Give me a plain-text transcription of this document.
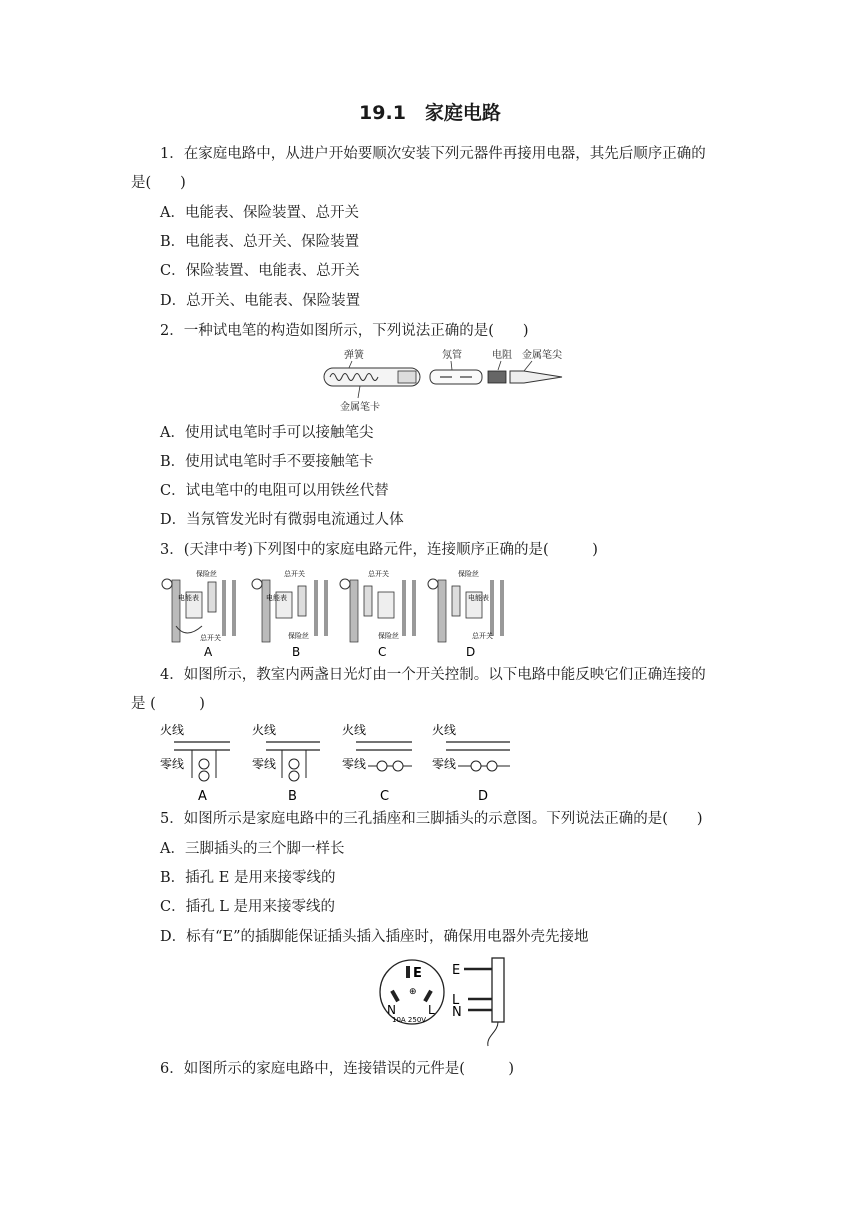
19.1　家庭电路
1．在家庭电路中，从进户开始要顺次安装下列元器件再接用电器，其先后顺序正确的
是(　　)
A．电能表、保险装置、总开关
B．电能表、总开关、保险装置
C．保险装置、电能表、总开关
D．总开关、电能表、保险装置
2．一种试电笔的构造如图所示，下列说法正确的是(　　)
弹簧	氖管	电阻 金属笔尖
金属笔卡
A．使用试电笔时手可以接触笔尖
B．使用试电笔时手不要接触笔卡
C．试电笔中的电阻可以用铁丝代替
D．当氖管发光时有微弱电流通过人体
3．(天津中考)下列图中的家庭电路元件，连接顺序正确的是(　　　)
保险丝
电能表
总开关
总开关
电能表
保险丝
总开关
保险丝
保险丝
电能表
总开关
A	B	C	D
4．如图所示，教室内两盏日光灯由一个开关控制。以下电路中能反映它们正确连接的
是 (　　　)
火线
零线
A
火线
零线
B
火线
零线
C
火线
零线
D
5．如图所示是家庭电路中的三孔插座和三脚插头的示意图。下列说法正确的是(　　)
A．三脚插头的三个脚一样长
B．插孔 E 是用来接零线的
C．插孔 L 是用来接零线的
D．标有“E”的插脚能保证插头插入插座时，确保用电器外壳先接地
E
⊕
N	L
10A 250V
E
L
N
6．如图所示的家庭电路中，连接错误的元件是(　　　)
